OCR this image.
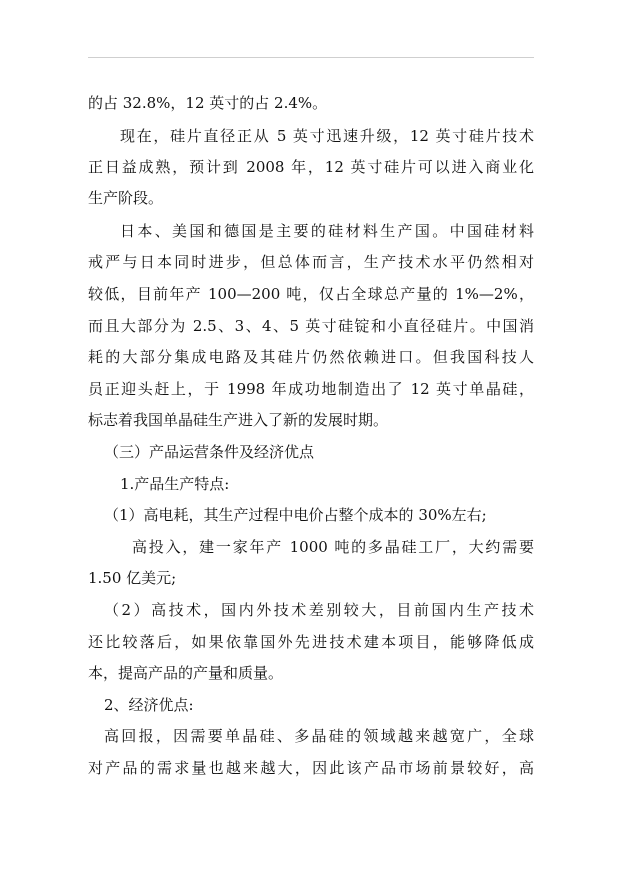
的占 32.8%，12 英寸的占 2.4%。
现在，硅片直径正从 5 英寸迅速升级，12 英寸硅片技术
正日益成熟，预计到 2008 年，12 英寸硅片可以进入商业化
生产阶段。
日本、美国和德国是主要的硅材料生产国。中国硅材料
戒严与日本同时进步，但总体而言，生产技术水平仍然相对
较低，目前年产 100—200 吨，仅占全球总产量的 1%—2%，
而且大部分为 2.5、3、4、5 英寸硅锭和小直径硅片。中国消
耗的大部分集成电路及其硅片仍然依赖进口。但我国科技人
员正迎头赶上，于 1998 年成功地制造出了 12 英寸单晶硅，
标志着我国单晶硅生产进入了新的发展时期。
（三）产品运营条件及经济优点
1.产品生产特点:
（1）高电耗，其生产过程中电价占整个成本的 30%左右;
高投入，建一家年产 1000 吨的多晶硅工厂，大约需要
1.50 亿美元;
（2）高技术，国内外技术差别较大，目前国内生产技术
还比较落后，如果依靠国外先进技术建本项目，能够降低成
本，提高产品的产量和质量。
2、经济优点:
高回报，因需要单晶硅、多晶硅的领域越来越宽广，全球
对产品的需求量也越来越大，因此该产品市场前景较好，高
